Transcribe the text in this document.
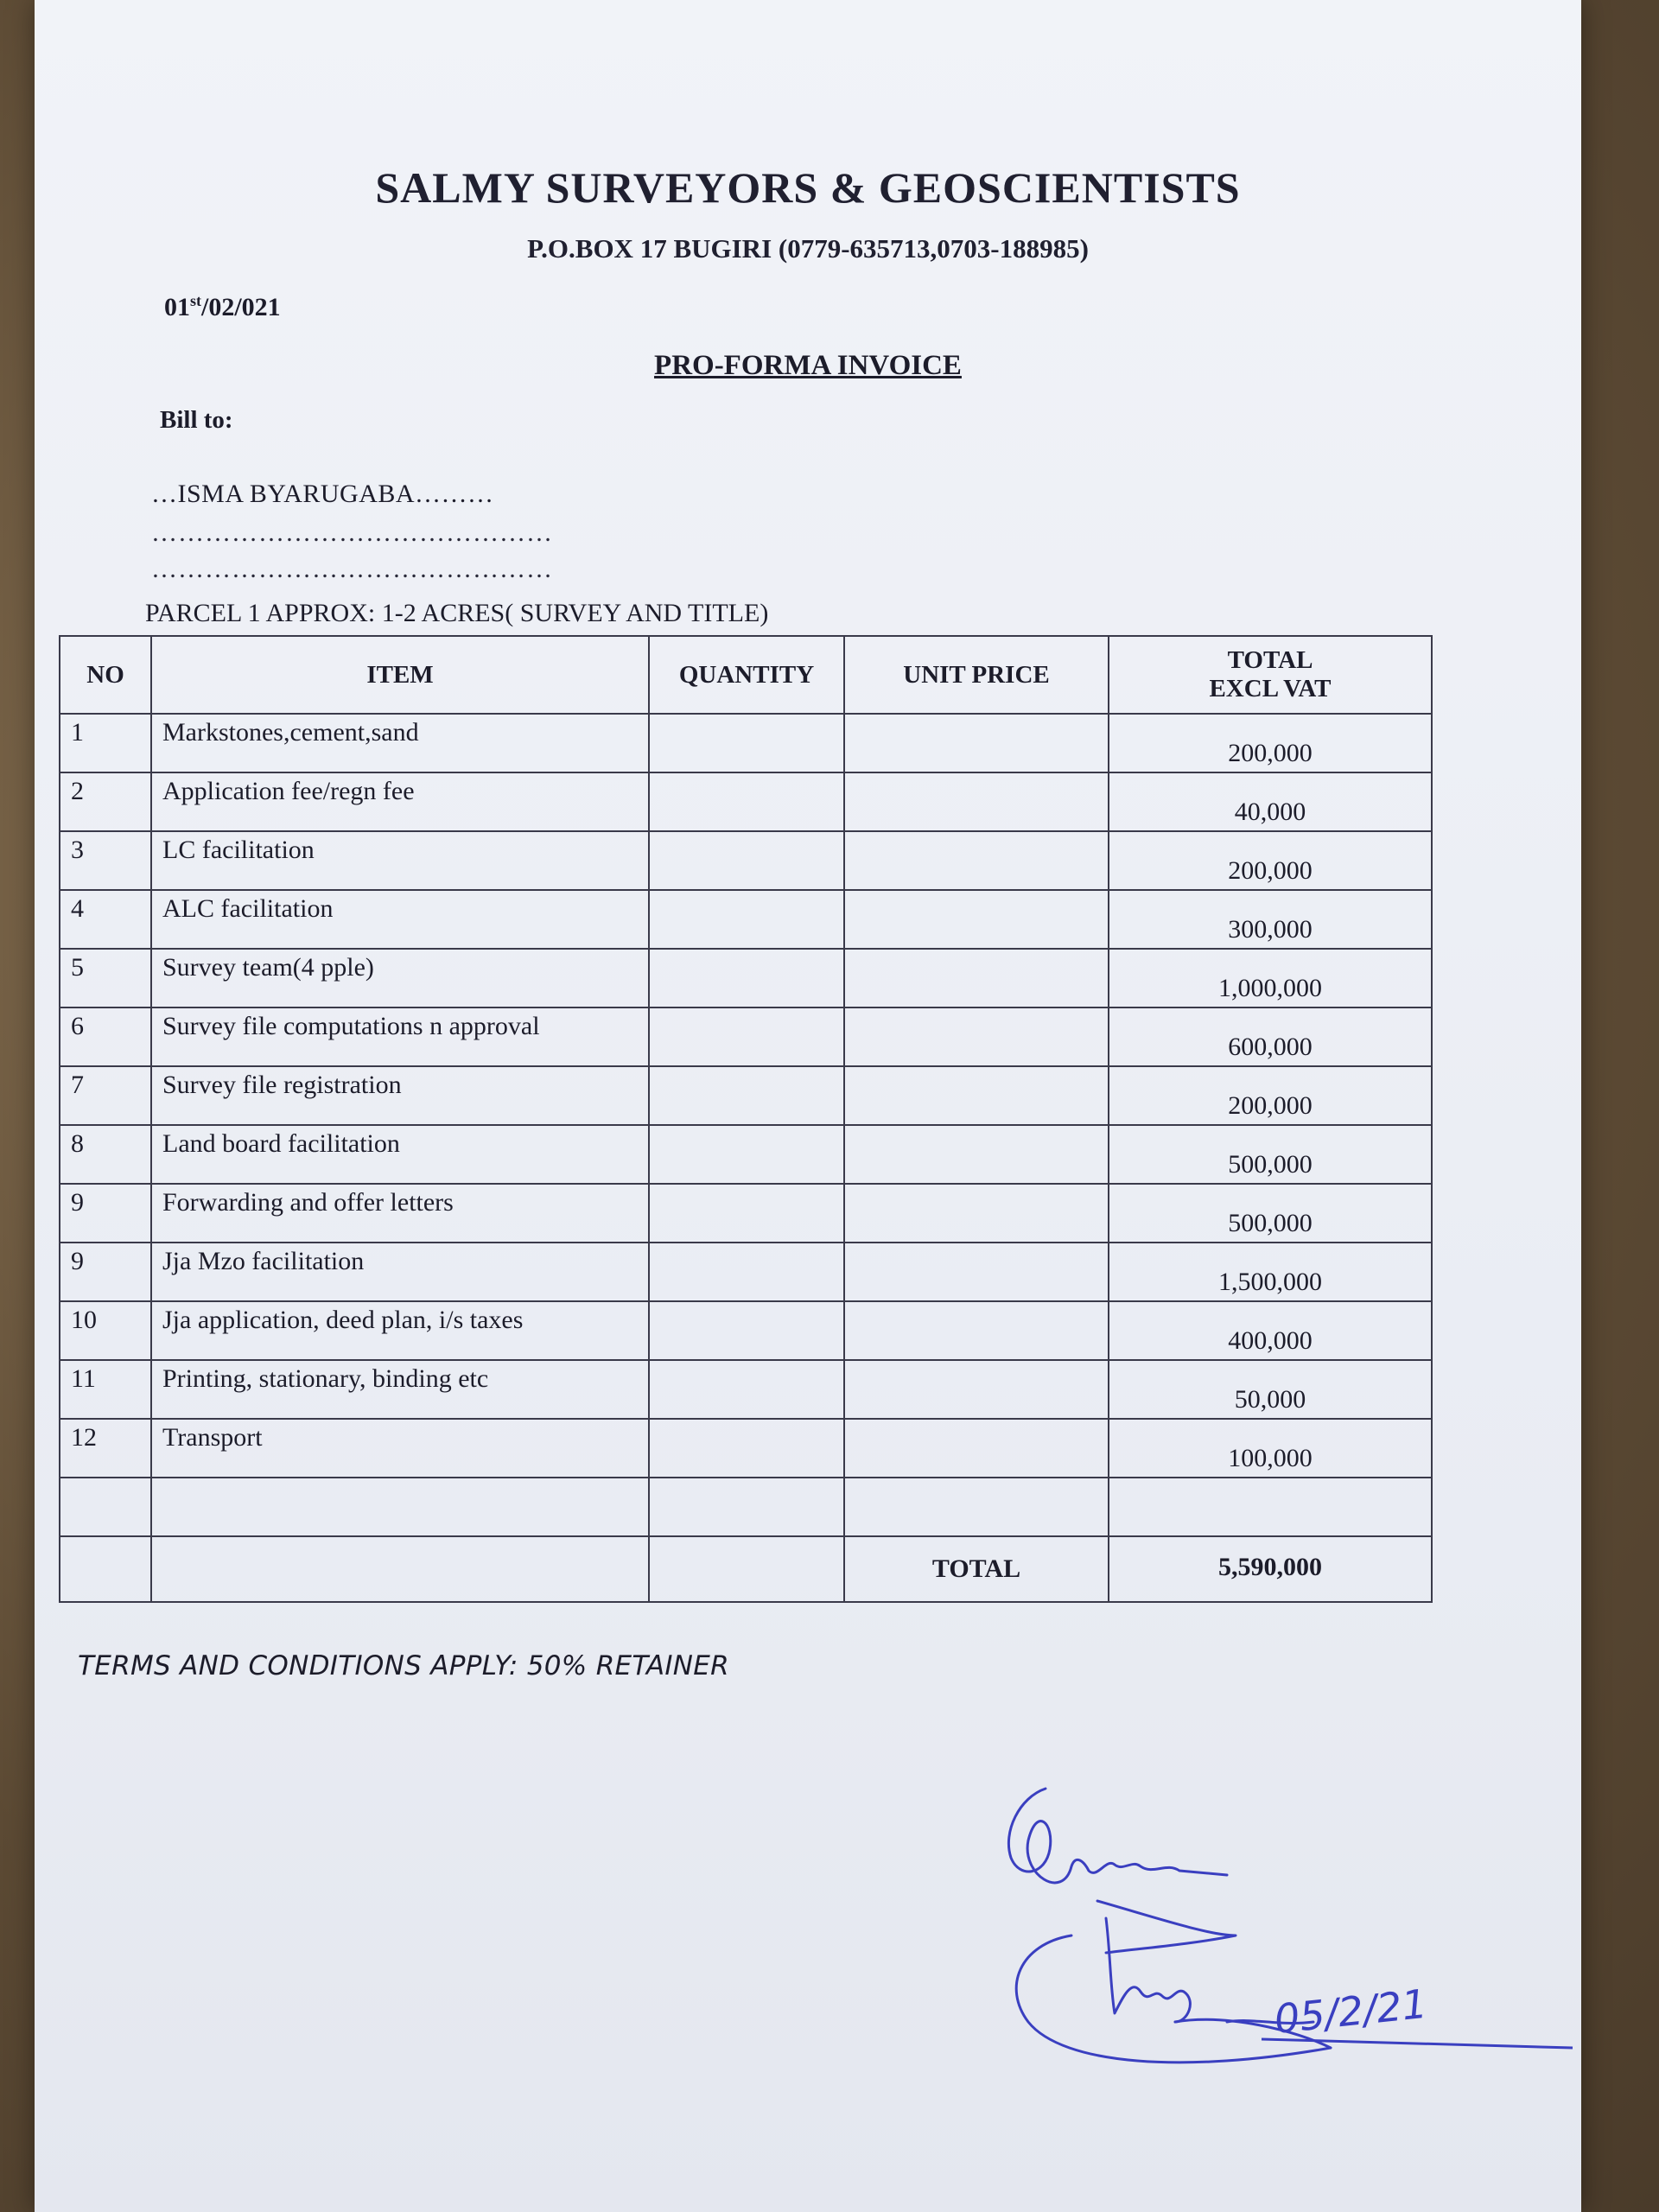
SALMY SURVEYORS & GEOSCIENTISTS
P.O.BOX 17 BUGIRI (0779-635713,0703-188985)
01st/02/021
PRO-FORMA INVOICE
Bill to:
…ISMA BYARUGABA………
………………………………………
………………………………………
PARCEL 1 APPROX: 1-2 ACRES( SURVEY AND TITLE)
NO	ITEM	QUANTITY	UNIT PRICE	TOTAL
EXCL VAT

1	Markstones,cement,sand			200,000
2	Application fee/regn fee			40,000
3	LC facilitation			200,000
4	ALC facilitation			300,000
5	Survey team(4 pple)			1,000,000
6	Survey file computations n approval			600,000
7	Survey file registration			200,000
8	Land board facilitation			500,000
9	Forwarding and offer letters			500,000
9	Jja Mzo facilitation			1,500,000
10	Jja application, deed plan, i/s taxes			400,000
11	Printing, stationary, binding etc			50,000
12	Transport			100,000

			TOTAL	5,590,000
TERMS AND CONDITIONS APPLY: 50% RETAINER
05/2/21
